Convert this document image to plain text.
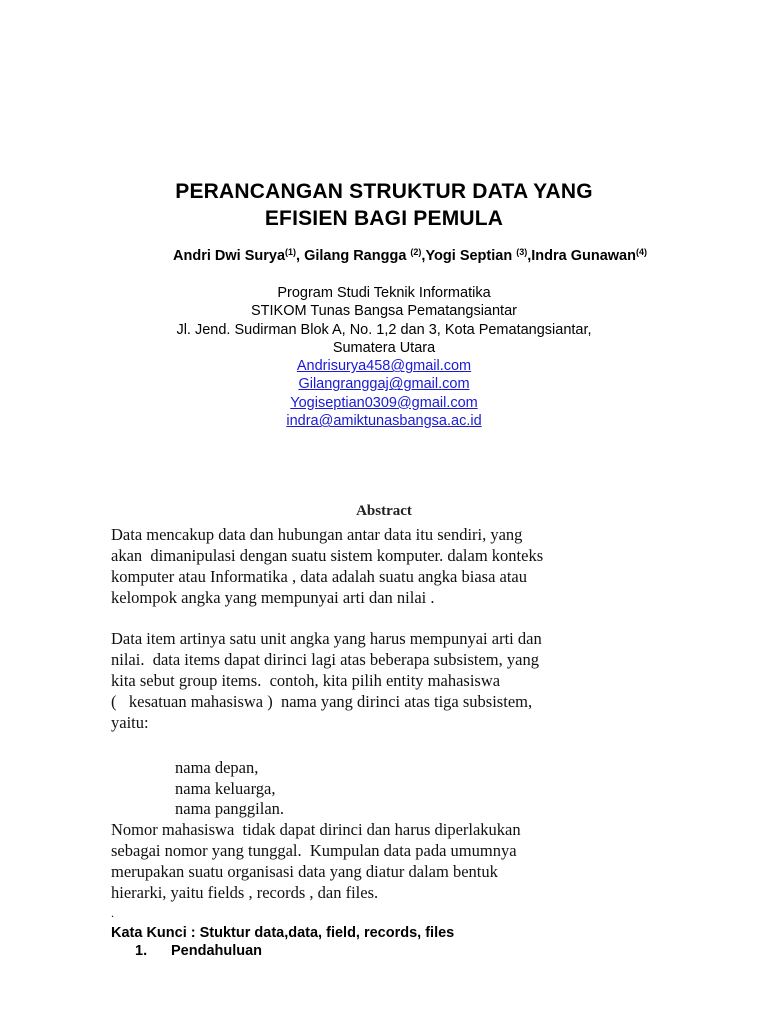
PERANCANGAN STRUKTUR DATA YANG
EFISIEN BAGI PEMULA
Andri Dwi Surya$^{(1)}$, Gilang Rangga $^{(2)}$,Yogi Septian $^{(3)}$,Indra Gunawan$^{(4)}$
Program Studi Teknik Informatika
STIKOM Tunas Bangsa Pematangsiantar
Jl. Jend. Sudirman Blok A, No. 1,2 dan 3, Kota Pematangsiantar,
Sumatera Utara
Andrisurya458@gmail.com
Gilangranggaj@gmail.com
Yogiseptian0309@gmail.com
indra@amiktunasbangsa.ac.id
Abstract
Data mencakup data dan hubungan antar data itu sendiri, yang
akan  dimanipulasi dengan suatu sistem komputer. dalam konteks
komputer atau Informatika , data adalah suatu angka biasa atau
kelompok angka yang mempunyai arti dan nilai .
Data item artinya satu unit angka yang harus mempunyai arti dan
nilai.  data items dapat dirinci lagi atas beberapa subsistem, yang
kita sebut group items.  contoh, kita pilih entity mahasiswa
(   kesatuan mahasiswa )  nama yang dirinci atas tiga subsistem,
yaitu:
nama depan,
nama keluarga,
nama panggilan.
Nomor mahasiswa  tidak dapat dirinci dan harus diperlakukan
sebagai nomor yang tunggal.  Kumpulan data pada umumnya
merupakan suatu organisasi data yang diatur dalam bentuk
hierarki, yaitu fields , records , dan files.
.
Kata Kunci : Stuktur data,data, field, records, files
1. Pendahuluan
